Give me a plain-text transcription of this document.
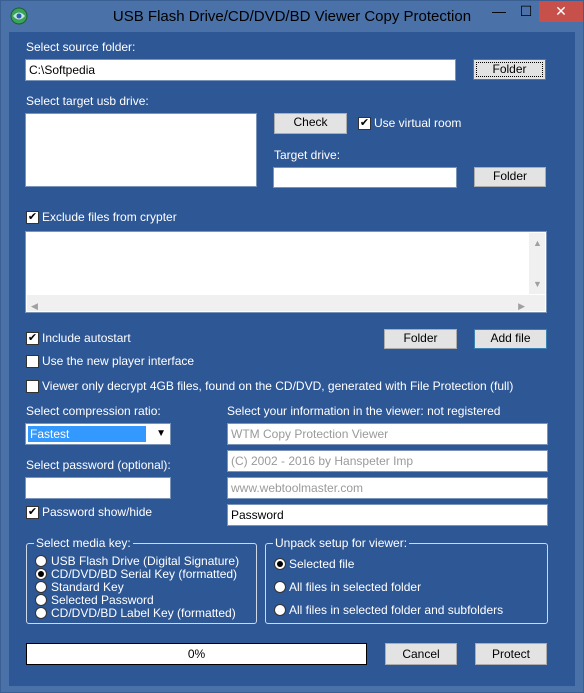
USB Flash Drive/CD/DVD/BD Viewer Copy Protection	— ☐	✕
Select source folder:
C:\Softpedia	Folder
Select target usb drive:
Check	✔ Use virtual room
Target drive:
Folder
✔ Exclude files from crypter
▲
▼
◀	▶
✔ Include autostart	Folder	Add file
Use the new player interface
Viewer only decrypt 4GB files, found on the CD/DVD, generated with File Protection (full)
Select compression ratio:
Fastest	▼
Select password (optional):
✔ Password show/hide
Select your information in the viewer: not registered
WTM Copy Protection Viewer
(C) 2002 - 2016 by Hanspeter Imp
www.webtoolmaster.com
Password
Select media key:
USB Flash Drive (Digital Signature)
CD/DVD/BD Serial Key (formatted)
Standard Key
Selected Password
CD/DVD/BD Label Key (formatted)
Unpack setup for viewer:
Selected file
All files in selected folder
All files in selected folder and subfolders
0%	Cancel	Protect
